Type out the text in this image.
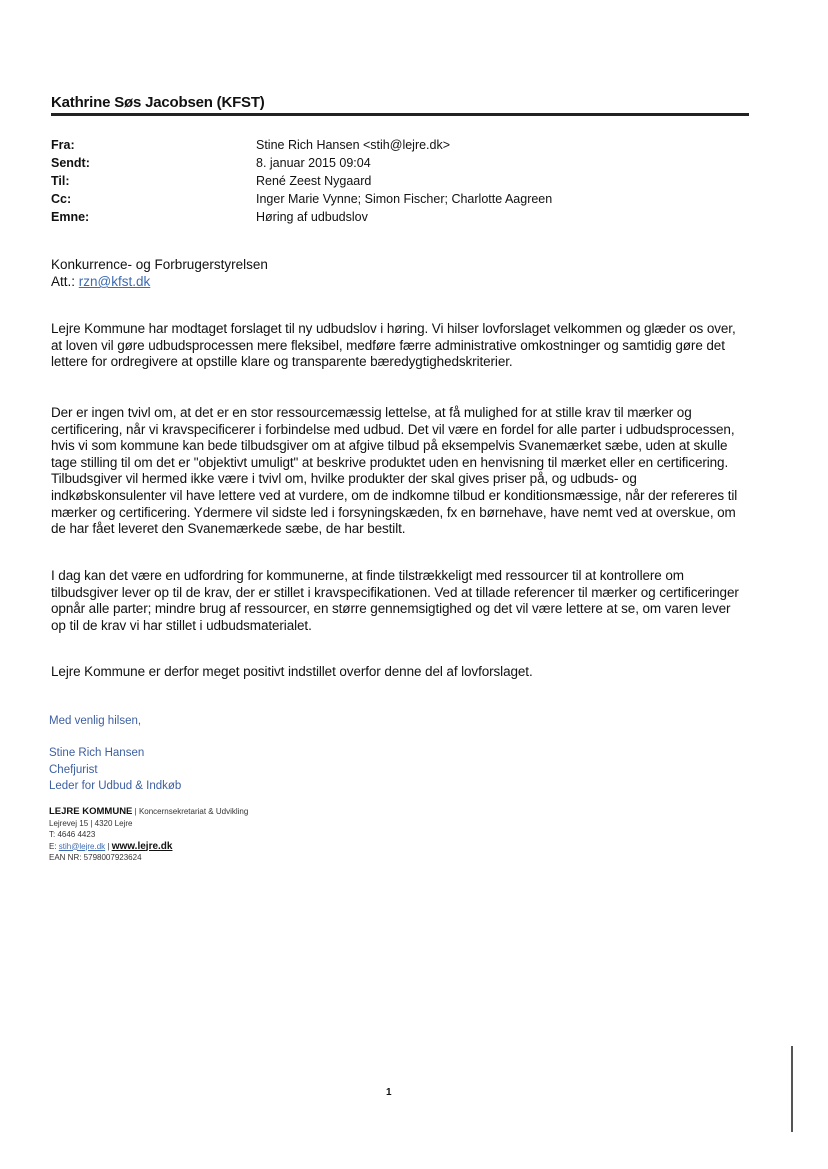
Kathrine Søs Jacobsen (KFST)
Fra:	Stine Rich Hansen <stih@lejre.dk>
Sendt:	8. januar 2015 09:04
Til:	René Zeest Nygaard
Cc:	Inger Marie Vynne; Simon Fischer; Charlotte Aagreen
Emne:	Høring af udbudslov
Konkurrence- og Forbrugerstyrelsen
Att.: rzn@kfst.dk
Lejre Kommune har modtaget forslaget til ny udbudslov i høring. Vi hilser lovforslaget velkommen og glæder os over, at loven vil gøre udbudsprocessen mere fleksibel, medføre færre administrative omkostninger og samtidig gøre det lettere for ordregivere at opstille klare og transparente bæredygtighedskriterier.
Der er ingen tvivl om, at det er en stor ressourcemæssig lettelse, at få mulighed for at stille krav til mærker og certificering, når vi kravspecificerer i forbindelse med udbud. Det vil være en fordel for alle parter i udbudsprocessen, hvis vi som kommune kan bede tilbudsgiver om at afgive tilbud på eksempelvis Svanemærket sæbe, uden at skulle tage stilling til om det er "objektivt umuligt" at beskrive produktet uden en henvisning til mærket eller en certificering. Tilbudsgiver vil hermed ikke være i tvivl om, hvilke produkter der skal gives priser på, og udbuds- og indkøbskonsulenter vil have lettere ved at vurdere, om de indkomne tilbud er konditionsmæssige, når der refereres til mærker og certificering. Ydermere vil sidste led i forsyningskæden, fx en børnehave, have nemt ved at overskue, om de har fået leveret den Svanemærkede sæbe, de har bestilt.
I dag kan det være en udfordring for kommunerne, at finde tilstrækkeligt med ressourcer til at kontrollere om tilbudsgiver lever op til de krav, der er stillet i kravspecifikationen. Ved at tillade referencer til mærker og certificeringer opnår alle parter; mindre brug af ressourcer, en større gennemsigtighed og det vil være lettere at se, om varen lever op til de krav vi har stillet i udbudsmaterialet.
Lejre Kommune er derfor meget positivt indstillet overfor denne del af lovforslaget.
Med venlig hilsen,
Stine Rich Hansen
Chefjurist
Leder for Udbud & Indkøb
LEJRE KOMMUNE | Koncernsekretariat & Udvikling
Lejrevej 15 | 4320 Lejre
T: 4646 4423
E: stih@lejre.dk | www.lejre.dk
EAN NR: 5798007923624
1
